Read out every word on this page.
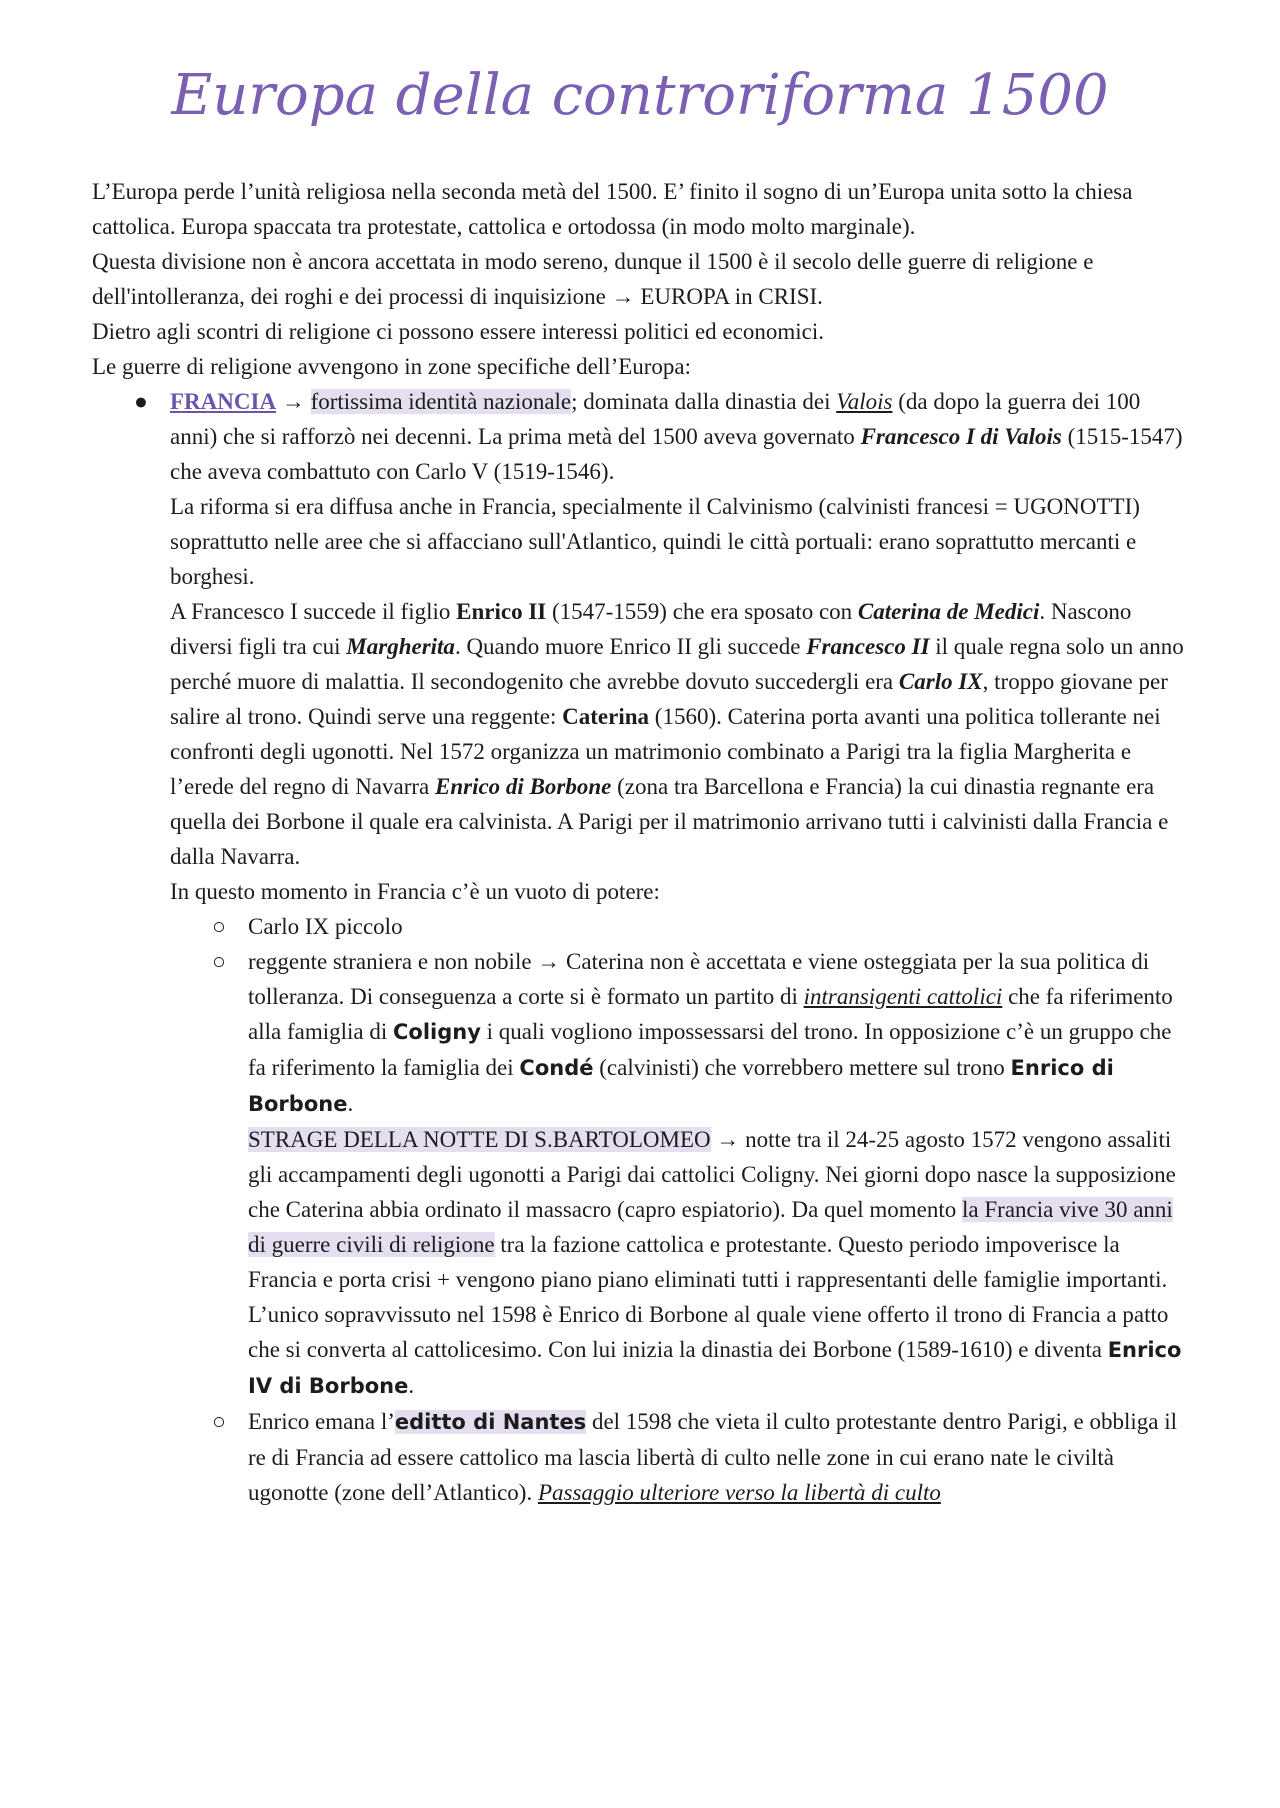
Europa della controriforma 1500

L’Europa perde l’unità religiosa nella seconda metà del 1500. E’ finito il sogno di un’Europa unita sotto la chiesa cattolica. Europa spaccata tra protestate, cattolica e ortodossa (in modo molto marginale).

Questa divisione non è ancora accettata in modo sereno, dunque il 1500 è il secolo delle guerre di religione e dell'intolleranza, dei roghi e dei processi di inquisizione → EUROPA in CRISI.

Dietro agli scontri di religione ci possono essere interessi politici ed economici.

Le guerre di religione avvengono in zone specifiche dell’Europa:

● FRANCIA → fortissima identità nazionale; dominata dalla dinastia dei Valois (da dopo la guerra dei 100 anni) che si rafforzò nei decenni. La prima metà del 1500 aveva governato Francesco I di Valois (1515-1547) che aveva combattuto con Carlo V (1519-1546).

La riforma si era diffusa anche in Francia, specialmente il Calvinismo (calvinisti francesi = UGONOTTI) soprattutto nelle aree che si affacciano sull'Atlantico, quindi le città portuali: erano soprattutto mercanti e borghesi.

A Francesco I succede il figlio Enrico II (1547-1559) che era sposato con Caterina de Medici. Nascono diversi figli tra cui Margherita. Quando muore Enrico II gli succede Francesco II il quale regna solo un anno perché muore di malattia. Il secondogenito che avrebbe dovuto succedergli era Carlo IX, troppo giovane per salire al trono. Quindi serve una reggente: Caterina (1560). Caterina porta avanti una politica tollerante nei confronti degli ugonotti. Nel 1572 organizza un matrimonio combinato a Parigi tra la figlia Margherita e l’erede del regno di Navarra Enrico di Borbone (zona tra Barcellona e Francia) la cui dinastia regnante era quella dei Borbone il quale era calvinista. A Parigi per il matrimonio arrivano tutti i calvinisti dalla Francia e dalla Navarra.

In questo momento in Francia c’è un vuoto di potere:

○ Carlo IX piccolo

○ reggente straniera e non nobile → Caterina non è accettata e viene osteggiata per la sua politica di tolleranza. Di conseguenza a corte si è formato un partito di intransigenti cattolici che fa riferimento alla famiglia di Coligny i quali vogliono impossessarsi del trono. In opposizione c’è un gruppo che fa riferimento la famiglia dei Condé (calvinisti) che vorrebbero mettere sul trono Enrico di Borbone.
STRAGE DELLA NOTTE DI S.BARTOLOMEO → notte tra il 24-25 agosto 1572 vengono assaliti gli accampamenti degli ugonotti a Parigi dai cattolici Coligny. Nei giorni dopo nasce la supposizione che Caterina abbia ordinato il massacro (capro espiatorio). Da quel momento la Francia vive 30 anni di guerre civili di religione tra la fazione cattolica e protestante. Questo periodo impoverisce la Francia e porta crisi + vengono piano piano eliminati tutti i rappresentanti delle famiglie importanti. L’unico sopravvissuto nel 1598 è Enrico di Borbone al quale viene offerto il trono di Francia a patto che si converta al cattolicesimo. Con lui inizia la dinastia dei Borbone (1589-1610) e diventa Enrico IV di Borbone.

○ Enrico emana l’editto di Nantes del 1598 che vieta il culto protestante dentro Parigi, e obbliga il re di Francia ad essere cattolico ma lascia libertà di culto nelle zone in cui erano nate le civiltà ugonotte (zone dell’Atlantico). Passaggio ulteriore verso la libertà di culto
